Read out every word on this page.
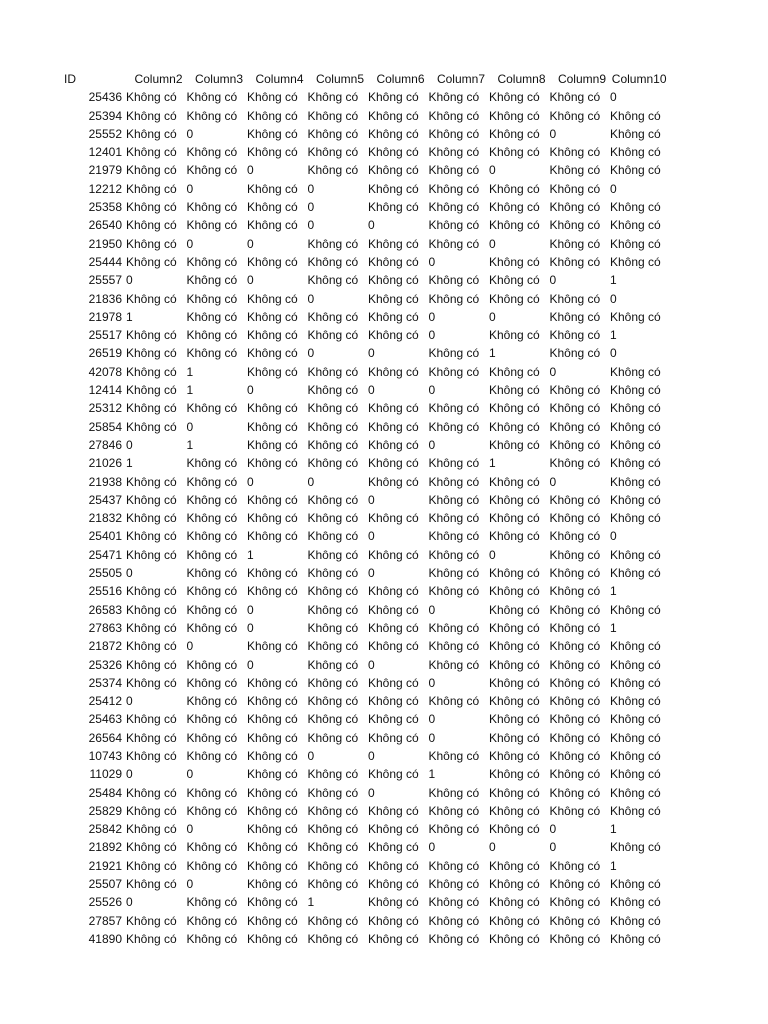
ID	Column2	Column3	Column4	Column5	Column6	Column7	Column8	Column9	Column10
25436	Không có	Không có	Không có	Không có	Không có	Không có	Không có	Không có	0
25394	Không có	Không có	Không có	Không có	Không có	Không có	Không có	Không có	Không có
25552	Không có	0	Không có	Không có	Không có	Không có	Không có	0	Không có
12401	Không có	Không có	Không có	Không có	Không có	Không có	Không có	Không có	Không có
21979	Không có	Không có	0	Không có	Không có	Không có	0	Không có	Không có
12212	Không có	0	Không có	0	Không có	Không có	Không có	Không có	0
25358	Không có	Không có	Không có	0	Không có	Không có	Không có	Không có	Không có
26540	Không có	Không có	Không có	0	0	Không có	Không có	Không có	Không có
21950	Không có	0	0	Không có	Không có	Không có	0	Không có	Không có
25444	Không có	Không có	Không có	Không có	Không có	0	Không có	Không có	Không có
25557	0	Không có	0	Không có	Không có	Không có	Không có	0	1
21836	Không có	Không có	Không có	0	Không có	Không có	Không có	Không có	0
21978	1	Không có	Không có	Không có	Không có	0	0	Không có	Không có
25517	Không có	Không có	Không có	Không có	Không có	0	Không có	Không có	1
26519	Không có	Không có	Không có	0	0	Không có	1	Không có	0
42078	Không có	1	Không có	Không có	Không có	Không có	Không có	0	Không có
12414	Không có	1	0	Không có	0	0	Không có	Không có	Không có
25312	Không có	Không có	Không có	Không có	Không có	Không có	Không có	Không có	Không có
25854	Không có	0	Không có	Không có	Không có	Không có	Không có	Không có	Không có
27846	0	1	Không có	Không có	Không có	0	Không có	Không có	Không có
21026	1	Không có	Không có	Không có	Không có	Không có	1	Không có	Không có
21938	Không có	Không có	0	0	Không có	Không có	Không có	0	Không có
25437	Không có	Không có	Không có	Không có	0	Không có	Không có	Không có	Không có
21832	Không có	Không có	Không có	Không có	Không có	Không có	Không có	Không có	Không có
25401	Không có	Không có	Không có	Không có	0	Không có	Không có	Không có	0
25471	Không có	Không có	1	Không có	Không có	Không có	0	Không có	Không có
25505	0	Không có	Không có	Không có	0	Không có	Không có	Không có	Không có
25516	Không có	Không có	Không có	Không có	Không có	Không có	Không có	Không có	1
26583	Không có	Không có	0	Không có	Không có	0	Không có	Không có	Không có
27863	Không có	Không có	0	Không có	Không có	Không có	Không có	Không có	1
21872	Không có	0	Không có	Không có	Không có	Không có	Không có	Không có	Không có
25326	Không có	Không có	0	Không có	0	Không có	Không có	Không có	Không có
25374	Không có	Không có	Không có	Không có	Không có	0	Không có	Không có	Không có
25412	0	Không có	Không có	Không có	Không có	Không có	Không có	Không có	Không có
25463	Không có	Không có	Không có	Không có	Không có	0	Không có	Không có	Không có
26564	Không có	Không có	Không có	Không có	Không có	0	Không có	Không có	Không có
10743	Không có	Không có	Không có	0	0	Không có	Không có	Không có	Không có
11029	0	0	Không có	Không có	Không có	1	Không có	Không có	Không có
25484	Không có	Không có	Không có	Không có	0	Không có	Không có	Không có	Không có
25829	Không có	Không có	Không có	Không có	Không có	Không có	Không có	Không có	Không có
25842	Không có	0	Không có	Không có	Không có	Không có	Không có	0	1
21892	Không có	Không có	Không có	Không có	Không có	0	0	0	Không có
21921	Không có	Không có	Không có	Không có	Không có	Không có	Không có	Không có	1
25507	Không có	0	Không có	Không có	Không có	Không có	Không có	Không có	Không có
25526	0	Không có	Không có	1	Không có	Không có	Không có	Không có	Không có
27857	Không có	Không có	Không có	Không có	Không có	Không có	Không có	Không có	Không có
41890	Không có	Không có	Không có	Không có	Không có	Không có	Không có	Không có	Không có
